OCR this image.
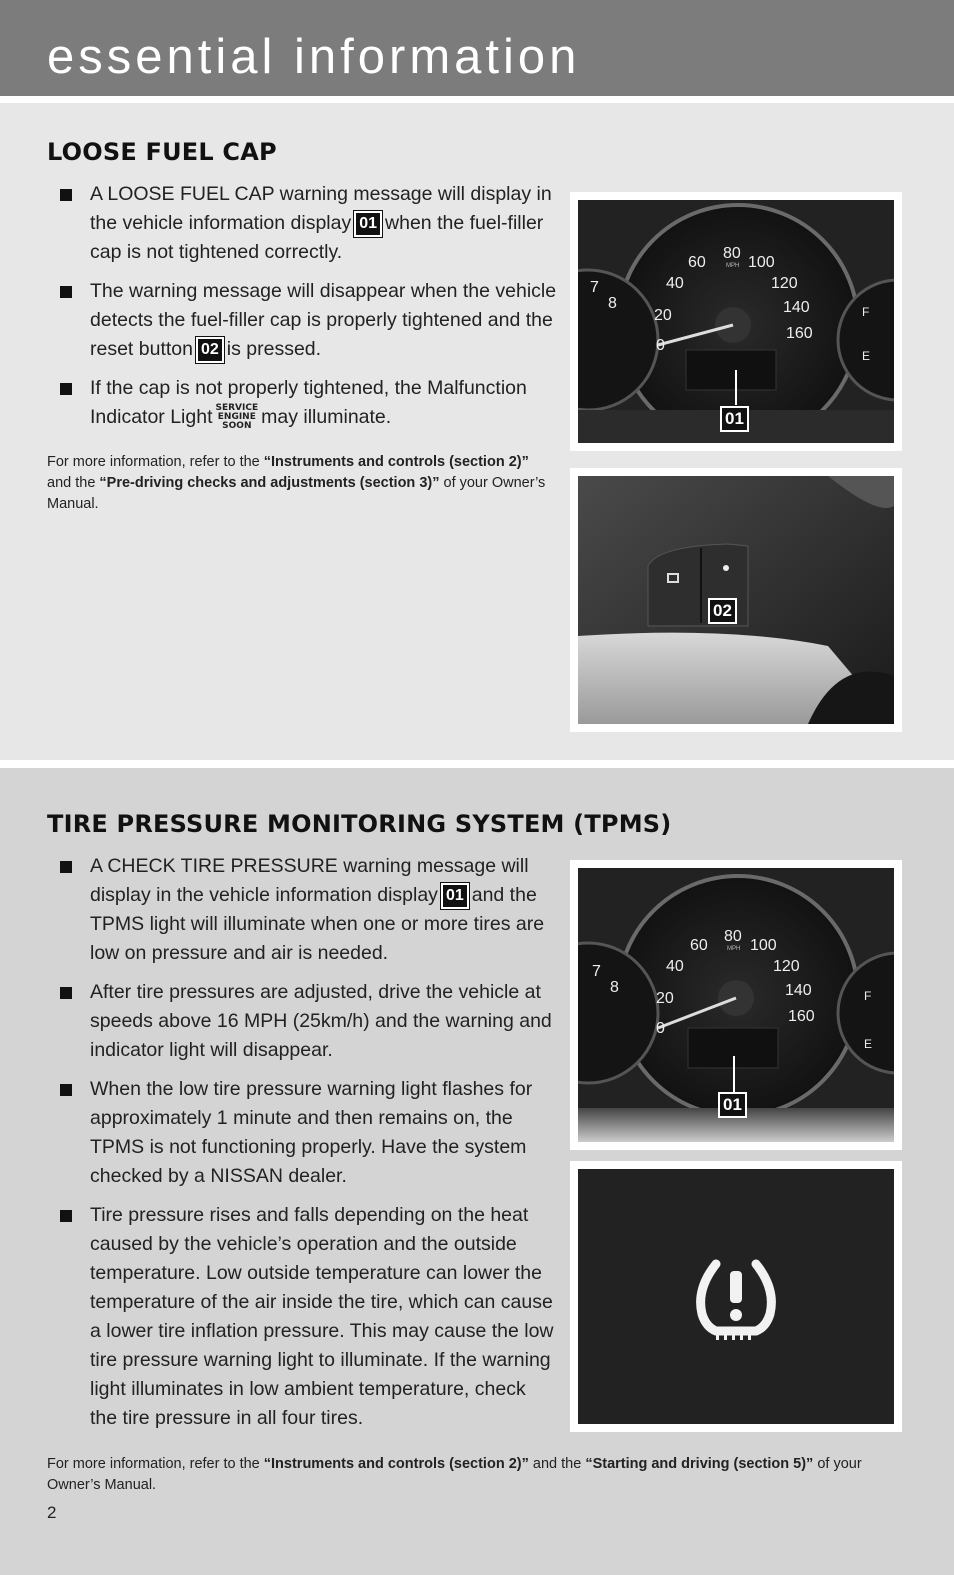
essential information
LOOSE FUEL CAP
A LOOSE FUEL CAP warning message will display in the vehicle information display 01 when the fuel-filler cap is not tightened correctly.
The warning message will disappear when the vehicle detects the fuel-filler cap is properly tightened and the reset button 02 is pressed.
If the cap is not properly tightened, the Malfunction Indicator Light SERVICE
ENGINE
SOON may illuminate.
For more information, refer to the “Instruments and controls (section 2)” and the “Pre-driving checks and adjustments (section 3)” of your Owner’s Manual.
0
20
40
60
80
100
120
140
160
7
8	F
E
MPH
01
02
TIRE PRESSURE MONITORING SYSTEM (TPMS)
A CHECK TIRE PRESSURE warning message will display in the vehicle information display 01 and the TPMS light will illuminate when one or more tires are low on pressure and air is needed.
After tire pressures are adjusted, drive the vehicle at speeds above 16 MPH (25km/h) and the warning and indicator light will disappear.
When the low tire pressure warning light flashes for approximately 1 minute and then remains on, the TPMS is not functioning properly. Have the system checked by a NISSAN dealer.
Tire pressure rises and falls depending on the heat caused by the vehicle’s operation and the outside temperature. Low outside temperature can lower the temperature of the air inside the tire, which can cause a lower tire inflation pressure. This may cause the low tire pressure warning light to illuminate. If the warning light illuminates in low ambient temperature, check the tire pressure in all four tires.
0
20
40
60
80
100
120
140
160
7
8	F
E
MPH
01
For more information, refer to the “Instruments and controls (section 2)” and the “Starting and driving (section 5)” of your Owner’s Manual.
2
